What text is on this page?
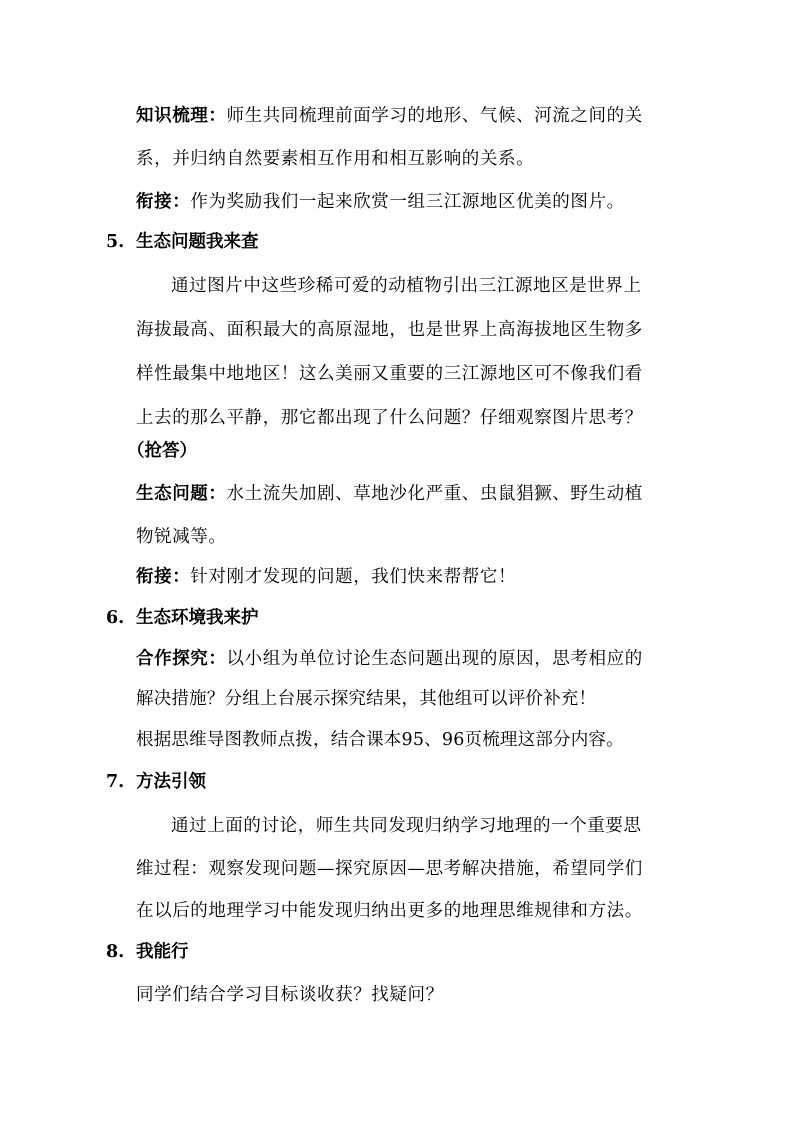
知识梳理：师生共同梳理前面学习的地形、气候、河流之间的关
系，并归纳自然要素相互作用和相互影响的关系。
衔接：作为奖励我们一起来欣赏一组三江源地区优美的图片。
5. 生态问题我来查
通过图片中这些珍稀可爱的动植物引出三江源地区是世界上
海拔最高、面积最大的高原湿地，也是世界上高海拔地区生物多
样性最集中地地区！这么美丽又重要的三江源地区可不像我们看
上去的那么平静，那它都出现了什么问题？仔细观察图片思考？
（抢答）
生态问题：水土流失加剧、草地沙化严重、虫鼠猖獗、野生动植
物锐减等。
衔接：针对刚才发现的问题，我们快来帮帮它！
6. 生态环境我来护
合作探究：以小组为单位讨论生态问题出现的原因，思考相应的
解决措施？分组上台展示探究结果，其他组可以评价补充！
根据思维导图教师点拨，结合课本95、96页梳理这部分内容。
7. 方法引领
通过上面的讨论，师生共同发现归纳学习地理的一个重要思
维过程：观察发现问题—探究原因—思考解决措施，希望同学们
在以后的地理学习中能发现归纳出更多的地理思维规律和方法。
8. 我能行
同学们结合学习目标谈收获？找疑问？
